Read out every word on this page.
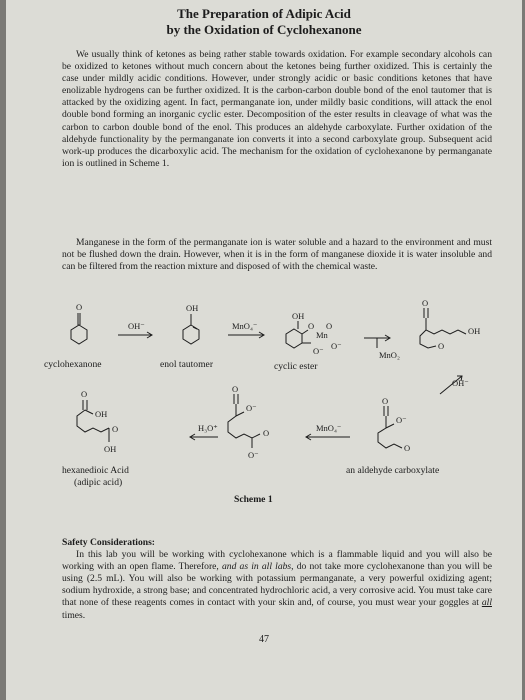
The Preparation of Adipic Acid
by the Oxidation of Cyclohexanone
We usually think of ketones as being rather stable towards oxidation. For example secondary alcohols can be oxidized to ketones without much concern about the ketones being further oxidized. This is certainly the case under mildly acidic conditions. However, under strongly acidic or basic conditions ketones that have enolizable hydrogens can be further oxidized. It is the carbon-carbon double bond of the enol tautomer that is attacked by the oxidizing agent. In fact, permanganate ion, under mildly basic conditions, will attack the enol double bond forming an inorganic cyclic ester. Decomposition of the ester results in cleavage of what was the carbon to carbon double bond of the enol. This produces an aldehyde carboxylate. Further oxidation of the aldehyde functionality by the permanganate ion converts it into a second carboxylate group. Subsequent acid work-up produces the dicarboxylic acid. The mechanism for the oxidation of cyclohexanone by permanganate ion is outlined in Scheme 1.
Manganese in the form of the permanganate ion is water soluble and a hazard to the environment and must not be flushed down the drain. However, when it is in the form of manganese dioxide it is water insoluble and can be filtered from the reaction mixture and disposed of with the chemical waste.
O
OH⁻
OH
MnO₄⁻
OH
O
Mn
O
O⁻ O⁻
MnO₂
O
OH
O
OH⁻
O
OH
O
OH
H₃O⁺
O
O⁻
O
O⁻
MnO₄⁻
O
O⁻
O
cyclohexanone	enol tautomer	cyclic ester
hexanedioic Acid
(adipic acid)
an aldehyde carboxylate
Scheme 1
Safety Considerations:
In this lab you will be working with cyclohexanone which is a flammable liquid and you will also be working with an open flame. Therefore, and as in all labs, do not take more cyclohexanone than you will be using (2.5 mL). You will also be working with potassium permanganate, a very powerful oxidizing agent; sodium hydroxide, a strong base; and concentrated hydrochloric acid, a very corrosive acid. You must take care that none of these reagents comes in contact with your skin and, of course, you must wear your goggles at all times.
47
